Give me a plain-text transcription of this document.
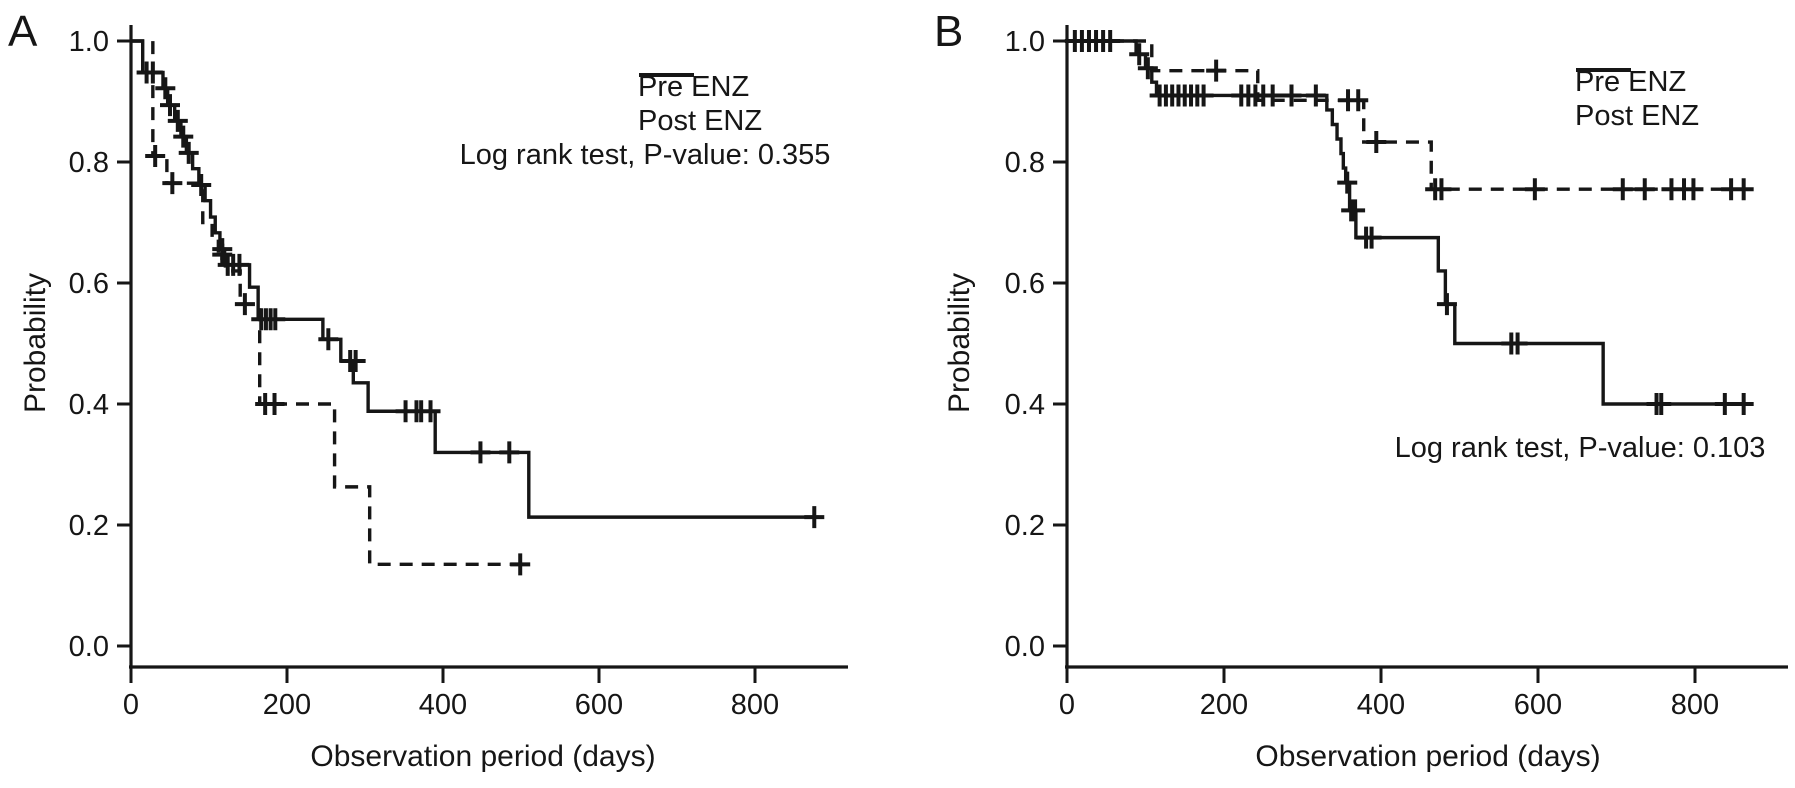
1.0
0.8
0.6
0.4
0.2
0.0
0	200	400	600	800
1.0
0.8
0.6
0.4
0.2
0.0
0	200	400	600	800
A
Probability
Observation period (days)
Pre ENZ
Post ENZ
Log rank test, P-value: 0.355
B
Probability
Observation period (days)
Pre ENZ
Post ENZ
Log rank test, P-value: 0.103
